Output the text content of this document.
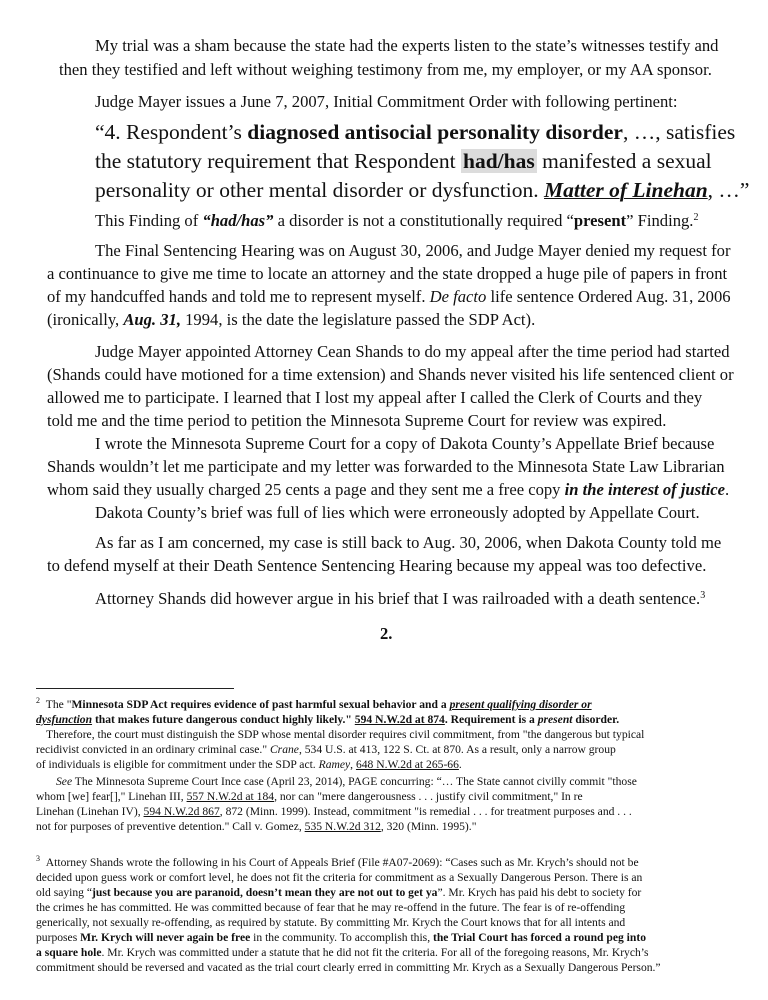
My trial was a sham because the state had the experts listen to the state’s witnesses testify and

then they testified and left without weighing testimony from me, my employer, or my AA sponsor.

Judge Mayer issues a June 7, 2007, Initial Commitment Order with following pertinent:

“4. Respondent’s diagnosed antisocial personality disorder, …, satisfies

the statutory requirement that Respondent had/has manifested a sexual

personality or other mental disorder or dysfunction. Matter of Linehan, …”

This Finding of “had/has” a disorder is not a constitutionally required “present” Finding.$^2$

The Final Sentencing Hearing was on August 30, 2006, and Judge Mayer denied my request for

a continuance to give me time to locate an attorney and the state dropped a huge pile of papers in front

of my handcuffed hands and told me to represent myself. De facto life sentence Ordered Aug. 31, 2006

(ironically, Aug. 31, 1994, is the date the legislature passed the SDP Act).

Judge Mayer appointed Attorney Cean Shands to do my appeal after the time period had started

(Shands could have motioned for a time extension) and Shands never visited his life sentenced client or

allowed me to participate. I learned that I lost my appeal after I called the Clerk of Courts and they

told me and the time period to petition the Minnesota Supreme Court for review was expired.

I wrote the Minnesota Supreme Court for a copy of Dakota County’s Appellate Brief because

Shands wouldn’t let me participate and my letter was forwarded to the Minnesota State Law Librarian

whom said they usually charged 25 cents a page and they sent me a free copy in the interest of justice.

Dakota County’s brief was full of lies which were erroneously adopted by Appellate Court.

As far as I am concerned, my case is still back to Aug. 30, 2006, when Dakota County told me

to defend myself at their Death Sentence Sentencing Hearing because my appeal was too defective.

Attorney Shands did however argue in his brief that I was railroaded with a death sentence.$^3$

2.

$^2$ The "Minnesota SDP Act requires evidence of past harmful sexual behavior and a present qualifying disorder or

dysfunction that makes future dangerous conduct highly likely." 594 N.W.2d at 874. Requirement is a present disorder.

Therefore, the court must distinguish the SDP whose mental disorder requires civil commitment, from "the dangerous but typical

recidivist convicted in an ordinary criminal case." Crane, 534 U.S. at 413, 122 S. Ct. at 870. As a result, only a narrow group

of individuals is eligible for commitment under the SDP act. Ramey, 648 N.W.2d at 265-66.

See The Minnesota Supreme Court Ince case (April 23, 2014), PAGE concurring: “… The State cannot civilly commit "those

whom [we] fear[]," Linehan III, 557 N.W.2d at 184, nor can "mere dangerousness . . . justify civil commitment," In re

Linehan (Linehan IV), 594 N.W.2d 867, 872 (Minn. 1999). Instead, commitment "is remedial . . . for treatment purposes and . . .

not for purposes of preventive detention." Call v. Gomez, 535 N.W.2d 312, 320 (Minn. 1995)."

$^3$ Attorney Shands wrote the following in his Court of Appeals Brief (File #A07-2069): “Cases such as Mr. Krych’s should not be

decided upon guess work or comfort level, he does not fit the criteria for commitment as a Sexually Dangerous Person. There is an

old saying “just because you are paranoid, doesn’t mean they are not out to get ya”. Mr. Krych has paid his debt to society for

the crimes he has committed. He was committed because of fear that he may re-offend in the future. The fear is of re-offending

generically, not sexually re-offending, as required by statute. By committing Mr. Krych the Court knows that for all intents and

purposes Mr. Krych will never again be free in the community. To accomplish this, the Trial Court has forced a round peg into

a square hole. Mr. Krych was committed under a statute that he did not fit the criteria. For all of the foregoing reasons, Mr. Krych’s

commitment should be reversed and vacated as the trial court clearly erred in committing Mr. Krych as a Sexually Dangerous Person.”
